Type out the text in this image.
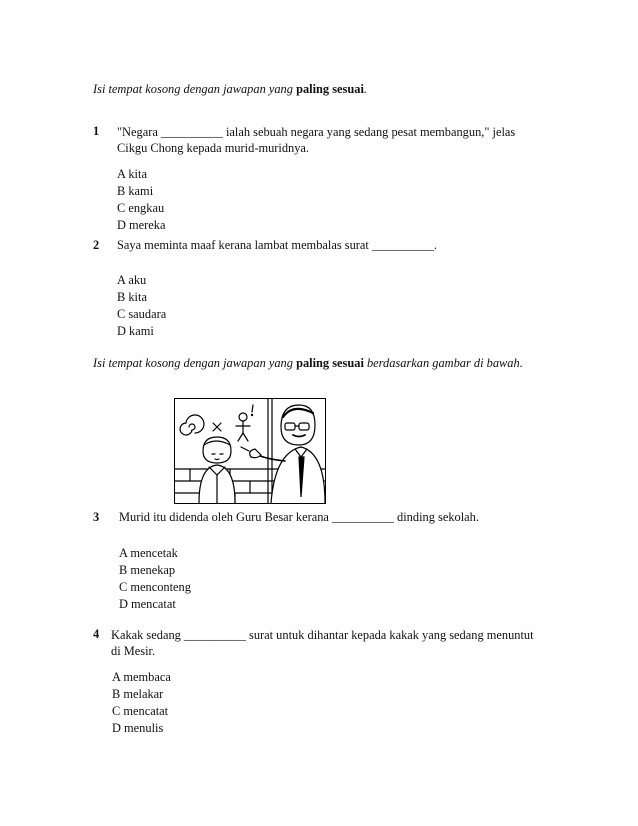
Isi tempat kosong dengan jawapan yang paling sesuai.
1 "Negara __________ ialah sebuah negara yang sedang pesat membangun," jelas
Cikgu Chong kepada murid-muridnya.
A kita
B kami
C engkau
D mereka
2 Saya meminta maaf kerana lambat membalas surat __________.
A aku
B kita
C saudara
D kami
Isi tempat kosong dengan jawapan yang paling sesuai berdasarkan gambar di bawah.
3 Murid itu didenda oleh Guru Besar kerana __________ dinding sekolah.
A mencetak
B menekap
C menconteng
D mencatat
4 Kakak sedang __________ surat untuk dihantar kepada kakak yang sedang menuntut
di Mesir.
A membaca
B melakar
C mencatat
D menulis
